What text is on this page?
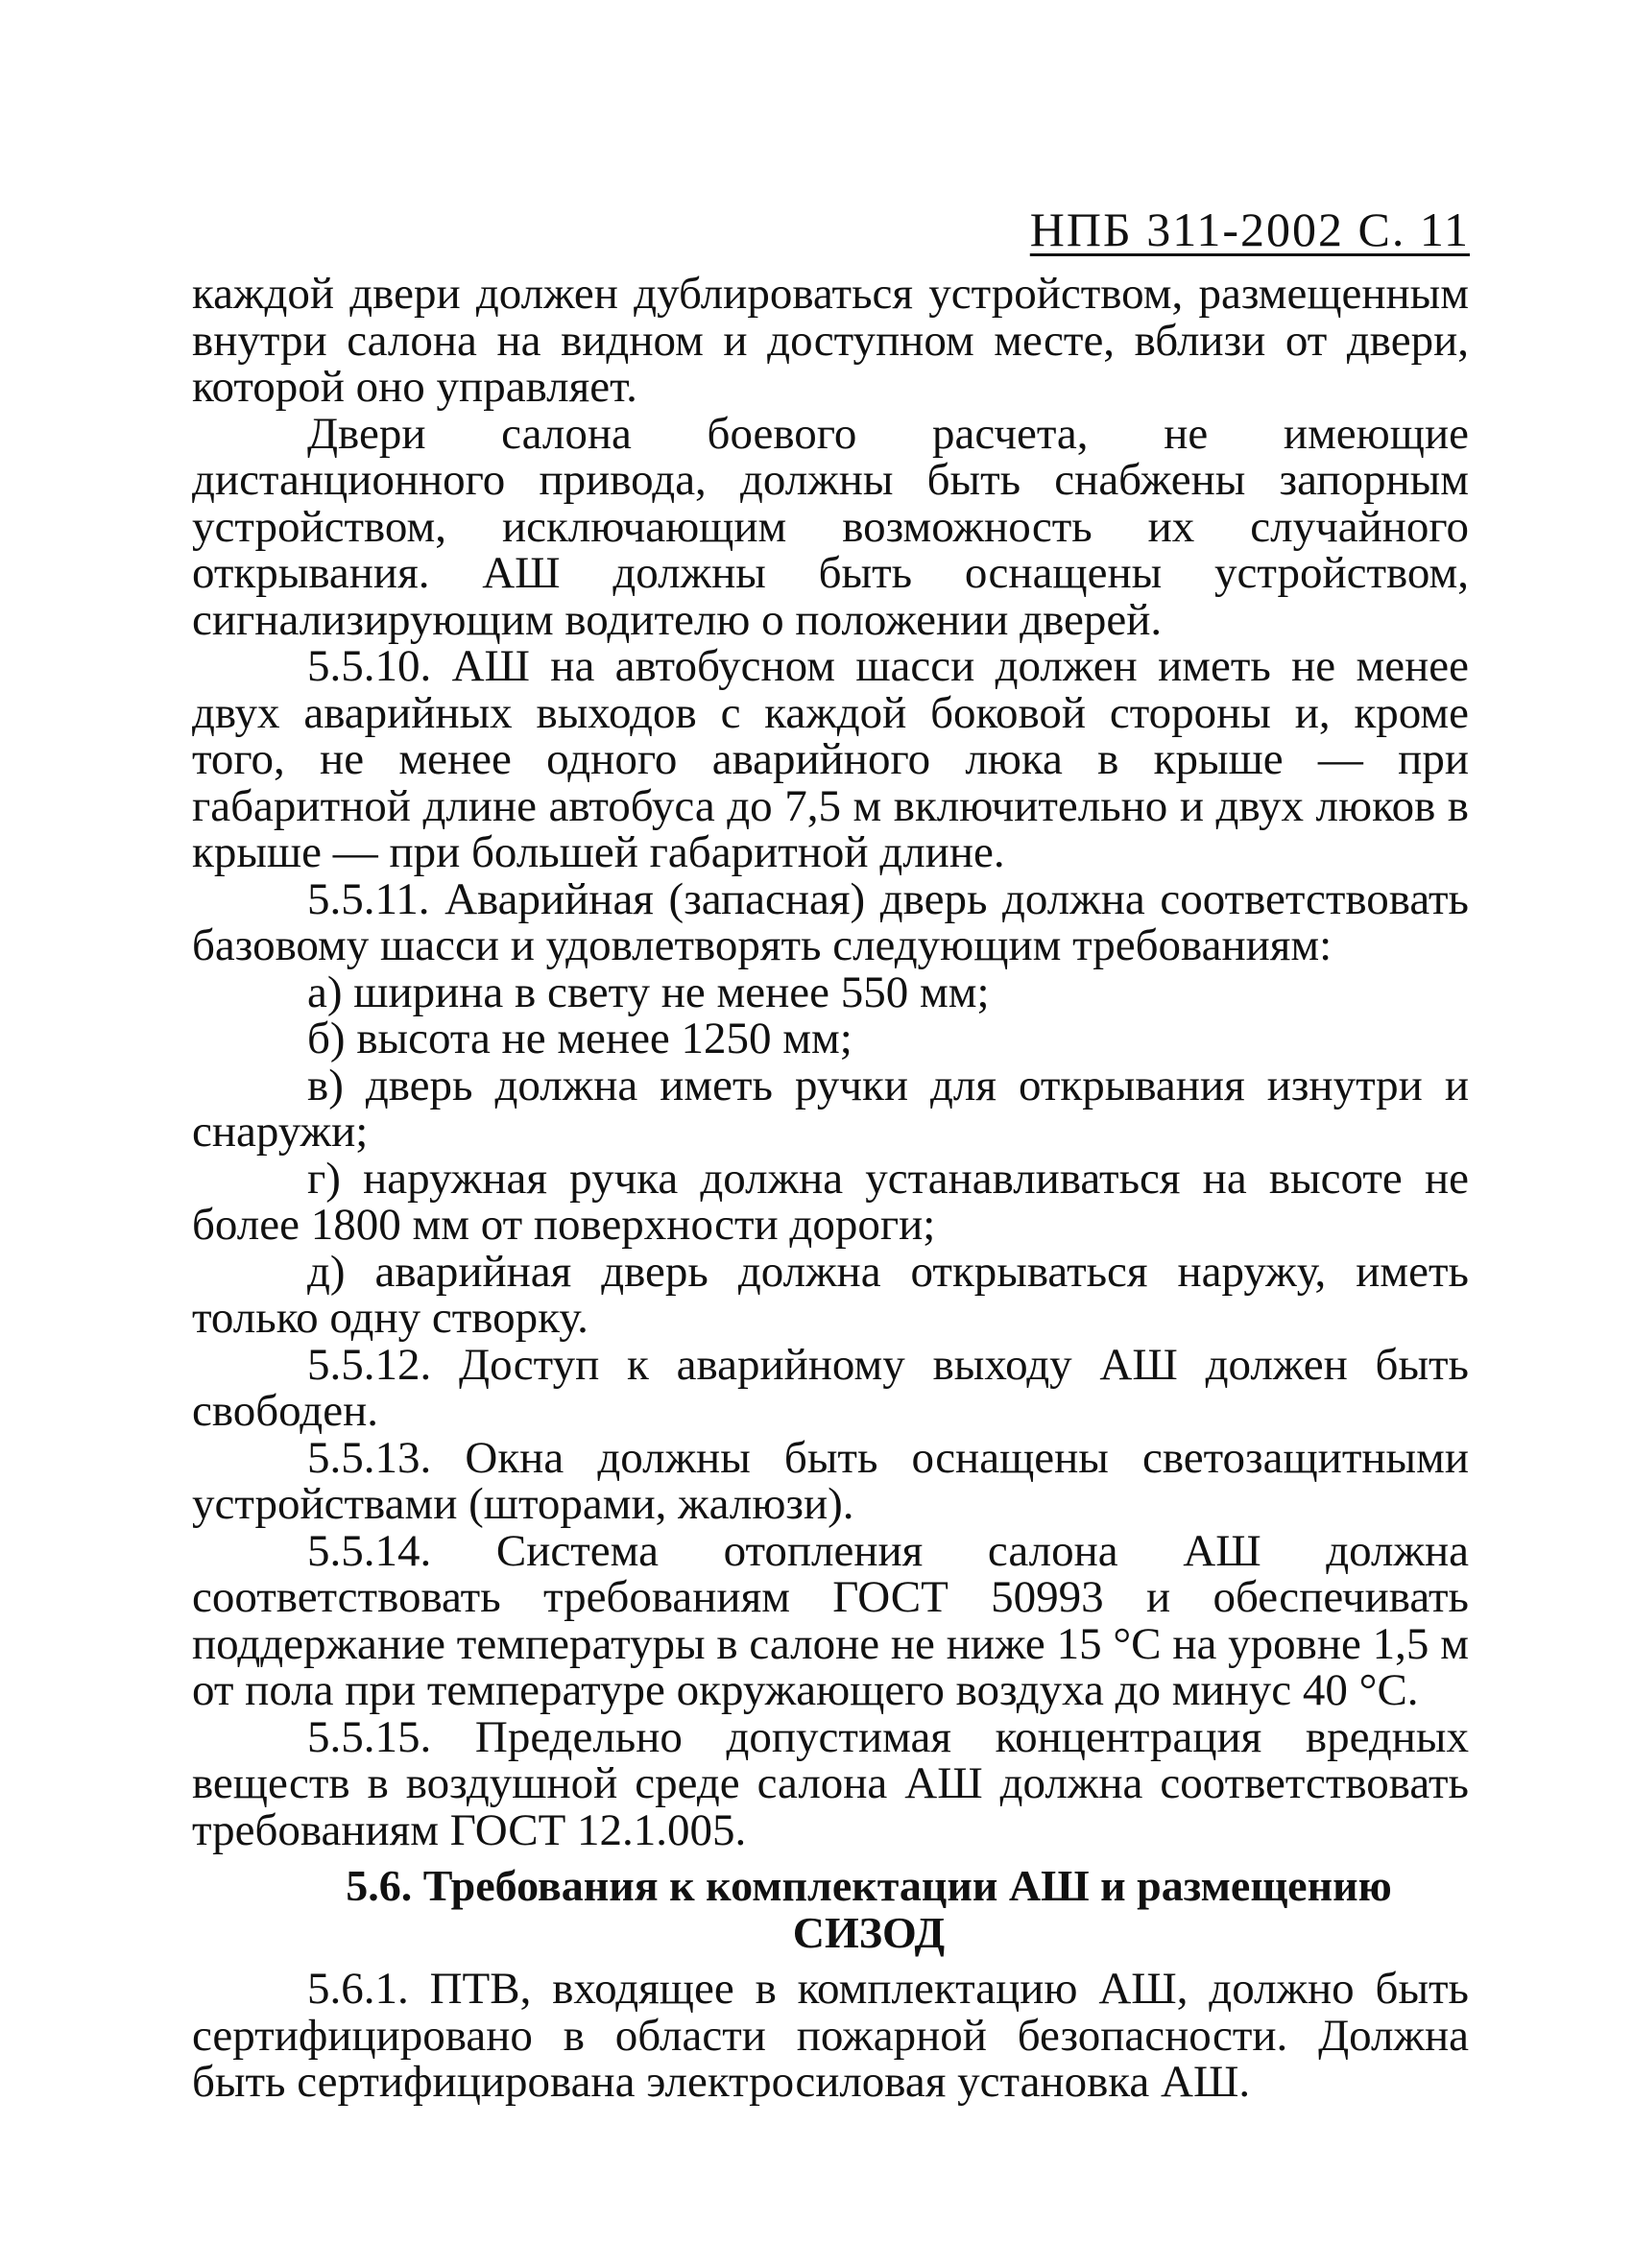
НПБ 311-2002 С. 11

каждой двери должен дублироваться устройством, размещенным внутри салона на видном и доступном месте, вблизи от двери, которой оно управляет.

Двери салона боевого расчета, не имеющие дистанционного привода, должны быть снабжены запорным устройством, исключающим возможность их случайного открывания. АШ должны быть оснащены устройством, сигнализирующим водителю о положении дверей.

5.5.10. АШ на автобусном шасси должен иметь не менее двух аварийных выходов с каждой боковой стороны и, кроме того, не менее одного аварийного люка в крыше — при габаритной длине автобуса до 7,5 м включительно и двух люков в крыше — при большей габаритной длине.

5.5.11. Аварийная (запасная) дверь должна соответствовать базовому шасси и удовлетворять следующим требованиям:

а) ширина в свету не менее 550 мм;

б) высота не менее 1250 мм;

в) дверь должна иметь ручки для открывания изнутри и снаружи;

г) наружная ручка должна устанавливаться на высоте не более 1800 мм от поверхности дороги;

д) аварийная дверь должна открываться наружу, иметь только одну створку.

5.5.12. Доступ к аварийному выходу АШ должен быть свободен.

5.5.13. Окна должны быть оснащены светозащитными устройствами (шторами, жалюзи).

5.5.14. Система отопления салона АШ должна соответствовать требованиям ГОСТ 50993 и обеспечивать поддержание температуры в салоне не ниже 15 °С на уровне 1,5 м от пола при температуре окружающего воздуха до минус 40 °С.

5.5.15. Предельно допустимая концентрация вредных веществ в воздушной среде салона АШ должна соответствовать требованиям ГОСТ 12.1.005.

5.6. Требования к комплектации АШ и размещению СИЗОД

5.6.1. ПТВ, входящее в комплектацию АШ, должно быть сертифицировано в области пожарной безопасности. Должна быть сертифицирована электросиловая установка АШ.
